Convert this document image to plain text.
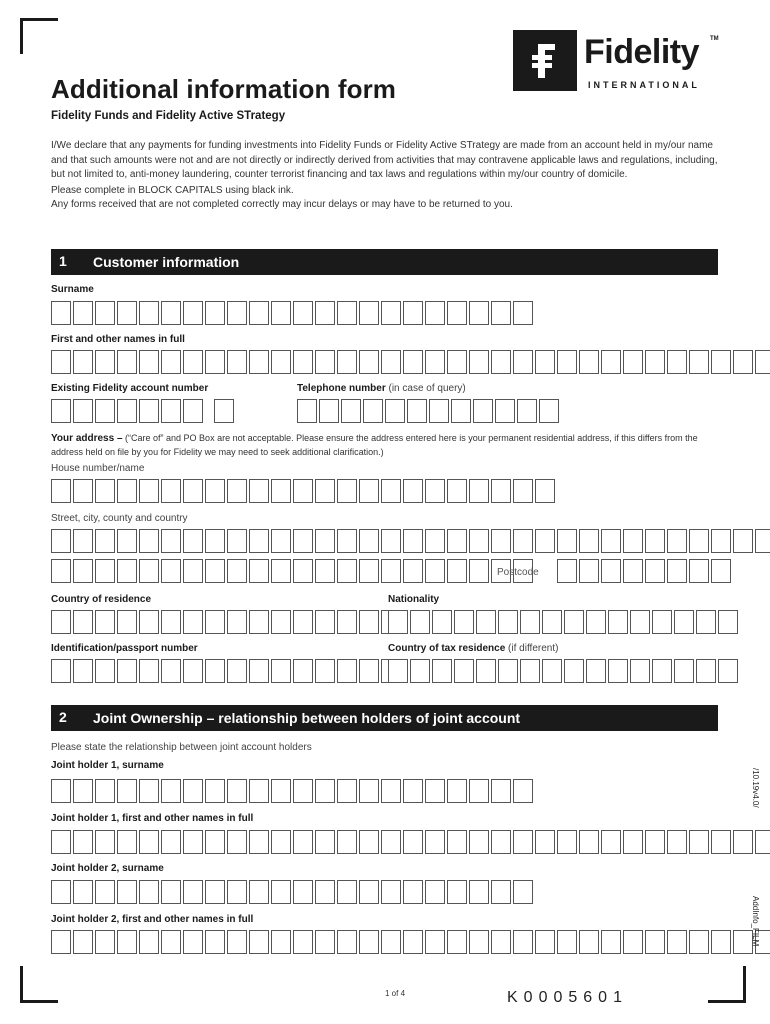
Fidelity TM
INTERNATIONAL
Additional information form
Fidelity Funds and Fidelity Active STrategy

I/We declare that any payments for funding investments into Fidelity Funds or Fidelity Active STrategy are made from an account held in my/our name and that such amounts were not and are not directly or indirectly derived from activities that may contravene applicable laws and regulations, including, but not limited to, anti-money laundering, counter terrorist financing and tax laws and regulations within my/our country of domicile.

Please complete in BLOCK CAPITALS using black ink.

Any forms received that are not completed correctly may incur delays or may have to be returned to you.

1 Customer information
Surname
First and other names in full
Existing Fidelity account number	Telephone number (in case of query)
Your address – (“Care of” and PO Box are not acceptable. Please ensure the address entered here is your permanent residential address, if this differs from the address held on file by you for Fidelity we may need to seek additional clarification.)
House number/name
Street, city, county and country
Postcode
Country of residence	Nationality
Identification/passport number	Country of tax residence (if different)
2 Joint Ownership – relationship between holders of joint account
Please state the relationship between joint account holders
Joint holder 1, surname
Joint holder 1, first and other names in full
Joint holder 2, surname
Joint holder 2, first and other names in full
/10.19v4.0/
AddInfo_FILM
1 of 4	K0005601
